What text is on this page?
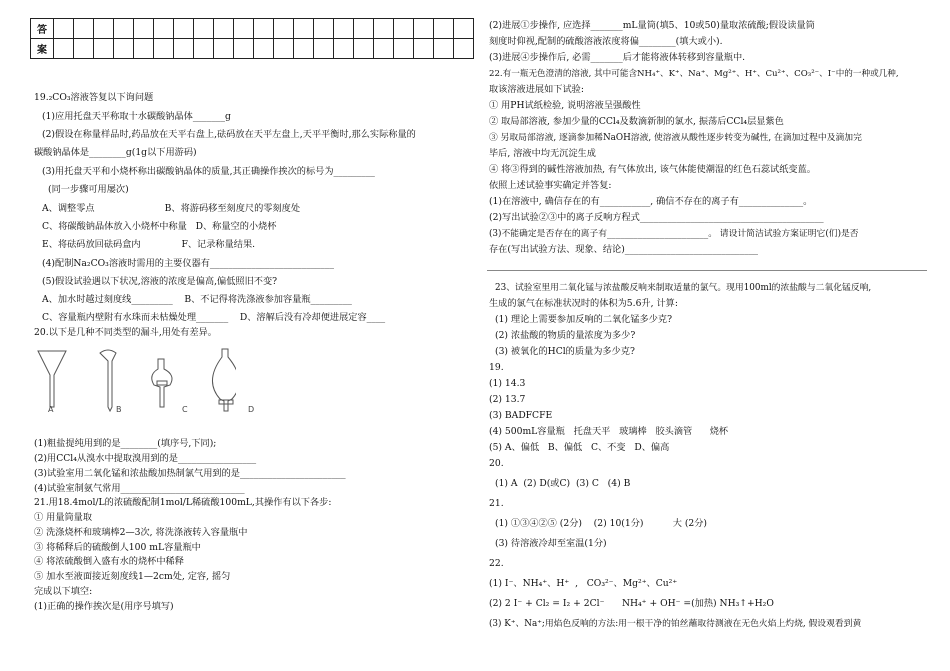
答																					
案																					
19.₂CO₃溶液答复以下询问题
(1)应用托盘天平称取十水碳酸钠晶体_______g
(2)假设在称量样品时,药品放在天平右盘上,砝码放在天平左盘上,天平平衡时,那么实际称量的
碳酸钠晶体是________g(1g以下用游码)
(3)用托盘天平和小烧杯称出碳酸钠晶体的质量,其正确操作挨次的标号为_________
(同一步骤可用屡次)
A、调整零点                        B、将游码移至刻度尺的零刻度处
C、将碳酸钠晶体放入小烧杯中称量   D、称量空的小烧杯
E、将砝码放回砝码盒内              F、记录称量结果.
(4)配制Na₂CO₃溶液时需用的主要仪器有___________________________
(5)假设试验遇以下状况,溶液的浓度是偏高,偏低照旧不变?
A、加水时越过刻度线_________    B、不记得将洗涤液参加容量瓶_________
C、容量瓶内壁附有水珠而未枯燥处理_______    D、溶解后没有冷却便进展定容____
20.以下是几种不同类型的漏斗,用处有差异。
A	B	C	D
(1)粗盐提纯用到的是________(填序号,下同);
(2)用CCl₄从溴水中提取溴用到的是_________________
(3)试验室用二氧化锰和浓盐酸加热制氯气用到的是_______________________
(4)试验室制氨气常用___________________________
21.用18.4mol/L的浓硫酸配制1mol/L稀硫酸100mL,其操作有以下各步:
① 用量筒量取
② 洗涤烧杯和玻璃棒2—3次, 将洗涤液转入容量瓶中
③ 将稀释后的硫酸倒人100 mL容量瓶中
④ 将浓硫酸倒入盛有水的烧杯中稀释
⑤ 加水至液面接近刻度线1—2cm处, 定容, 摇匀
完成以下填空:
(1)正确的操作挨次是(用序号填写)
(2)进展①步操作, 应选择_______mL量筒(填5、10或50)量取浓硫酸;假设读量筒
刻度时仰视,配制的硫酸溶液浓度将偏________(填大或小).
(3)进展④步操作后, 必需_______后才能将液体转移到容量瓶中.
22.有一瓶无色澄清的溶液, 其中可能含NH₄⁺、K⁺、Na⁺、Mg²⁺、H⁺、Cu²⁺、CO₃²⁻、I⁻中的一种或几种,
取该溶液进展如下试验:
① 用PH试纸检验, 说明溶液呈强酸性
② 取局部溶液, 参加少量的CCl₄及数滴新制的氯水, 振荡后CCl₄层显紫色
③ 另取局部溶液, 逐滴参加稀NaOH溶液, 使溶液从酸性逐步转变为碱性, 在滴加过程中及滴加完
毕后, 溶液中均无沉淀生成
④ 将③得到的碱性溶液加热, 有气体放出, 该气体能使潮湿的红色石蕊试纸变蓝。
依照上述试验事实确定并答复:
(1)在溶液中, 确信存在的有___________, 确信不存在的离子有______________。
(2)写出试验②③中的离子反响方程式________________________________________
(3)不能确定是否存在的离子有_______________________。 请设计简洁试验方案证明它(们)是否
存在(写出试验方法、现象、结论)_____________________________
23、试验室里用二氧化锰与浓盐酸反响来制取适量的氯气。现用100ml的浓盐酸与二氧化锰反响,
生成的氯气在标准状况时的体积为5.6升, 计算:
(1) 理论上需要参加反响的二氧化锰多少克?
(2) 浓盐酸的物质的量浓度为多少?
(3) 被氧化的HCl的质量为多少克?
19.
(1) 14.3
(2) 13.7
(3) BADFCFE
(4) 500mL容量瓶   托盘天平   玻璃棒   胶头滴管      烧杯
(5) A、偏低   B、偏低   C、不变   D、偏高
20.
(1) A  (2) D(或C)  (3) C   (4) B
21.
(1) ①③④②⑤ (2分)    (2) 10(1分)          大 (2分)
(3) 待溶液冷却至室温(1分)
22.
(1) I⁻、NH₄⁺、H⁺  ,   CO₃²⁻、Mg²⁺、Cu²⁺
(2) 2 I⁻ + Cl₂ = I₂ + 2Cl⁻      NH₄⁺ + OH⁻ =(加热) NH₃↑+H₂O
(3) K⁺、Na⁺;用焰色反响的方法:用一根干净的铂丝蘸取待测液在无色火焰上灼烧, 假设观看到黄
